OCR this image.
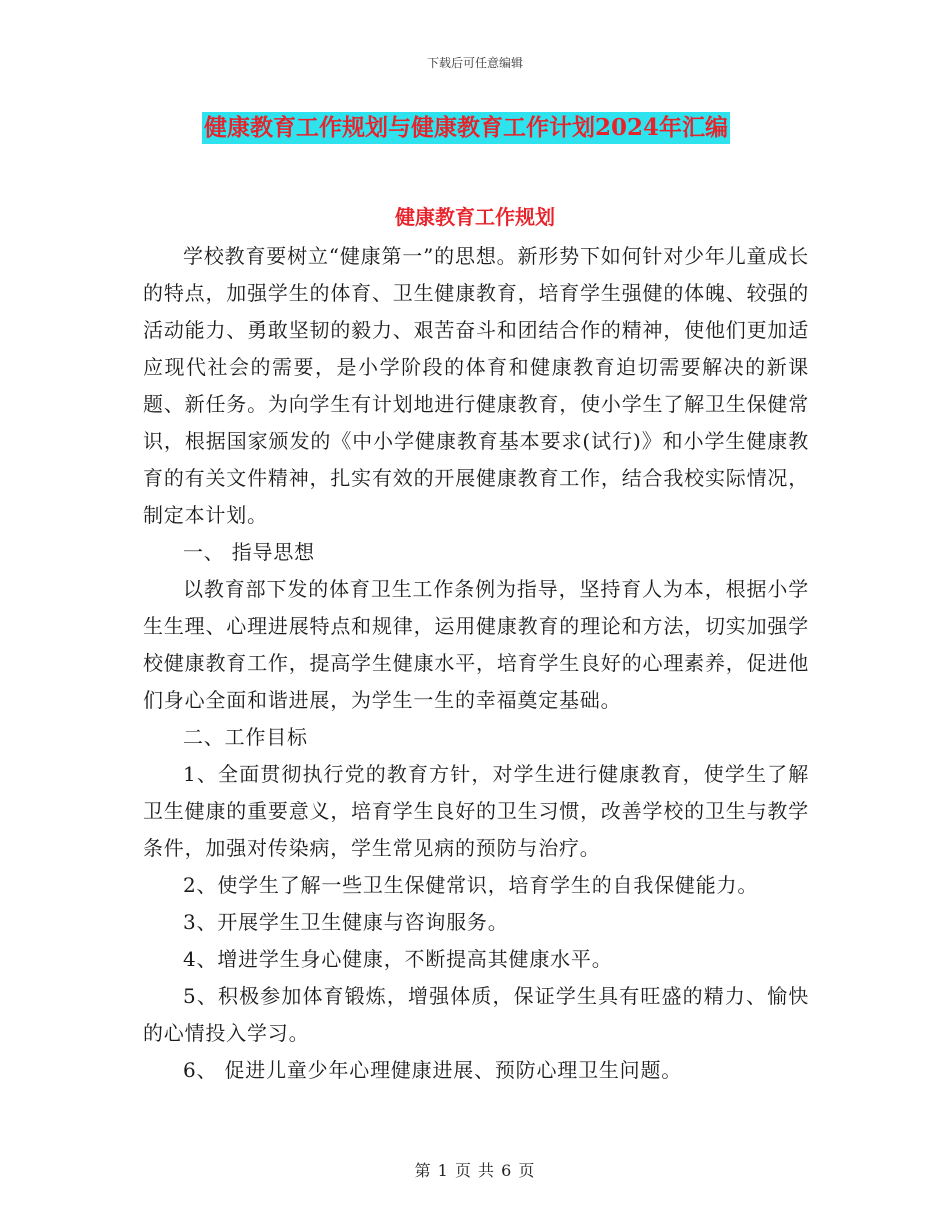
下载后可任意编辑
健康教育工作规划与健康教育工作计划2024年汇编
健康教育工作规划

学校教育要树立“健康第一”的思想。新形势下如何针对少年儿童成长的特点，加强学生的体育、卫生健康教育，培育学生强健的体魄、较强的活动能力、勇敢坚韧的毅力、艰苦奋斗和团结合作的精神，使他们更加适应现代社会的需要，是小学阶段的体育和健康教育迫切需要解决的新课题、新任务。为向学生有计划地进行健康教育，使小学生了解卫生保健常识，根据国家颁发的《中小学健康教育基本要求(试行)》和小学生健康教育的有关文件精神，扎实有效的开展健康教育工作，结合我校实际情况，制定本计划。

一、 指导思想

以教育部下发的体育卫生工作条例为指导，坚持育人为本，根据小学生生理、心理进展特点和规律，运用健康教育的理论和方法，切实加强学校健康教育工作，提高学生健康水平，培育学生良好的心理素养，促进他们身心全面和谐进展，为学生一生的幸福奠定基础。

二、工作目标

1、全面贯彻执行党的教育方针，对学生进行健康教育，使学生了解卫生健康的重要意义，培育学生良好的卫生习惯，改善学校的卫生与教学条件，加强对传染病，学生常见病的预防与治疗。

2、使学生了解一些卫生保健常识，培育学生的自我保健能力。

3、开展学生卫生健康与咨询服务。

4、增进学生身心健康，不断提高其健康水平。

5、积极参加体育锻炼，增强体质，保证学生具有旺盛的精力、愉快的心情投入学习。

6、 促进儿童少年心理健康进展、预防心理卫生问题。

第 1 页 共 6 页
